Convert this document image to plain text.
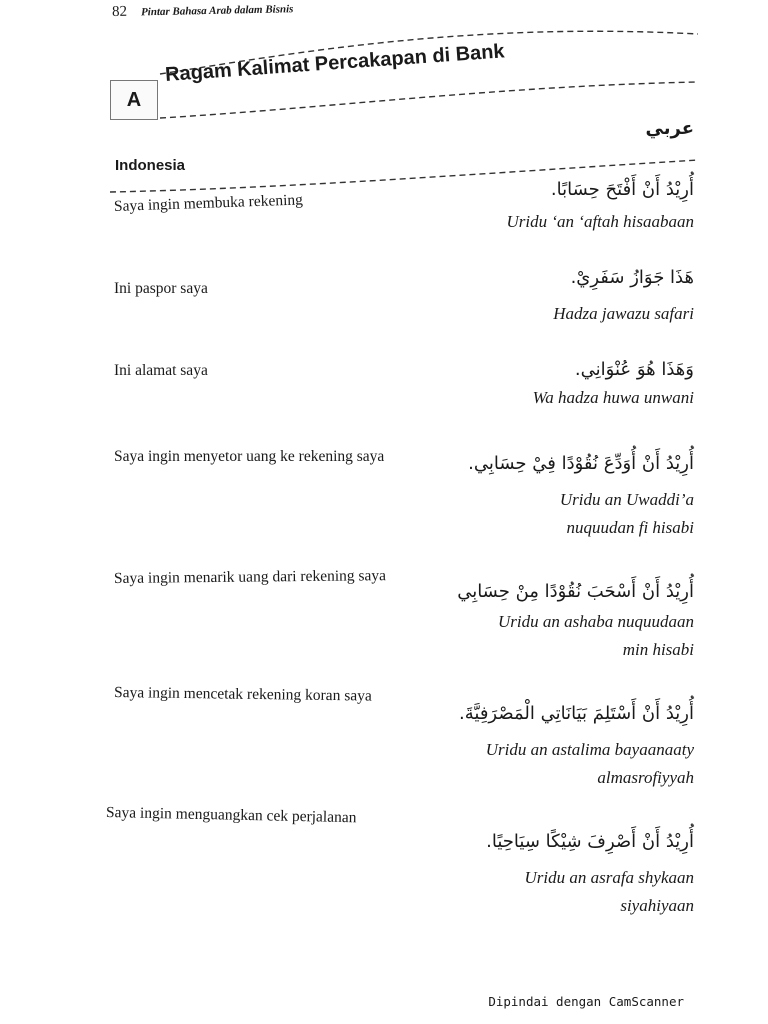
82 Pintar Bahasa Arab dalam Bisnis
A
Ragam Kalimat Percakapan di Bank
عربي
Indonesia
Saya ingin membuka rekening
أُرِيْدُ أَنْ أَفْتَحَ حِسَابًا.
Uridu ‘an ‘aftah hisaabaan
Ini paspor saya
هَذَا جَوَازُ سَفَرِيْ.
Hadza jawazu safari
Ini alamat saya	وَهَذَا هُوَ عُنْوَانِي.
Wa hadza huwa unwani
Saya ingin menyetor uang ke rekening saya	أُرِيْدُ أَنْ أُوَدِّعَ نُقُوْدًا فِيْ حِسَابِي.
Uridu an Uwaddi’a nuquudan fi hisabi
Saya ingin menarik uang dari rekening saya
أُرِيْدُ أَنْ أَسْحَبَ نُقُوْدًا مِنْ حِسَابِي
Uridu an ashaba nuquudaan min hisabi
Saya ingin mencetak rekening koran saya
أُرِيْدُ أَنْ أَسْتَلِمَ بَيَانَاتِي الْمَصْرَفِيَّةَ.
Uridu an astalima bayaanaaty almasrofiyyah
Saya ingin menguangkan cek perjalanan
أُرِيْدُ أَنْ أَصْرِفَ شِيْكًا سِيَاحِيًا.
Uridu an asrafa shykaan siyahiyaan
Dipindai dengan CamScanner
